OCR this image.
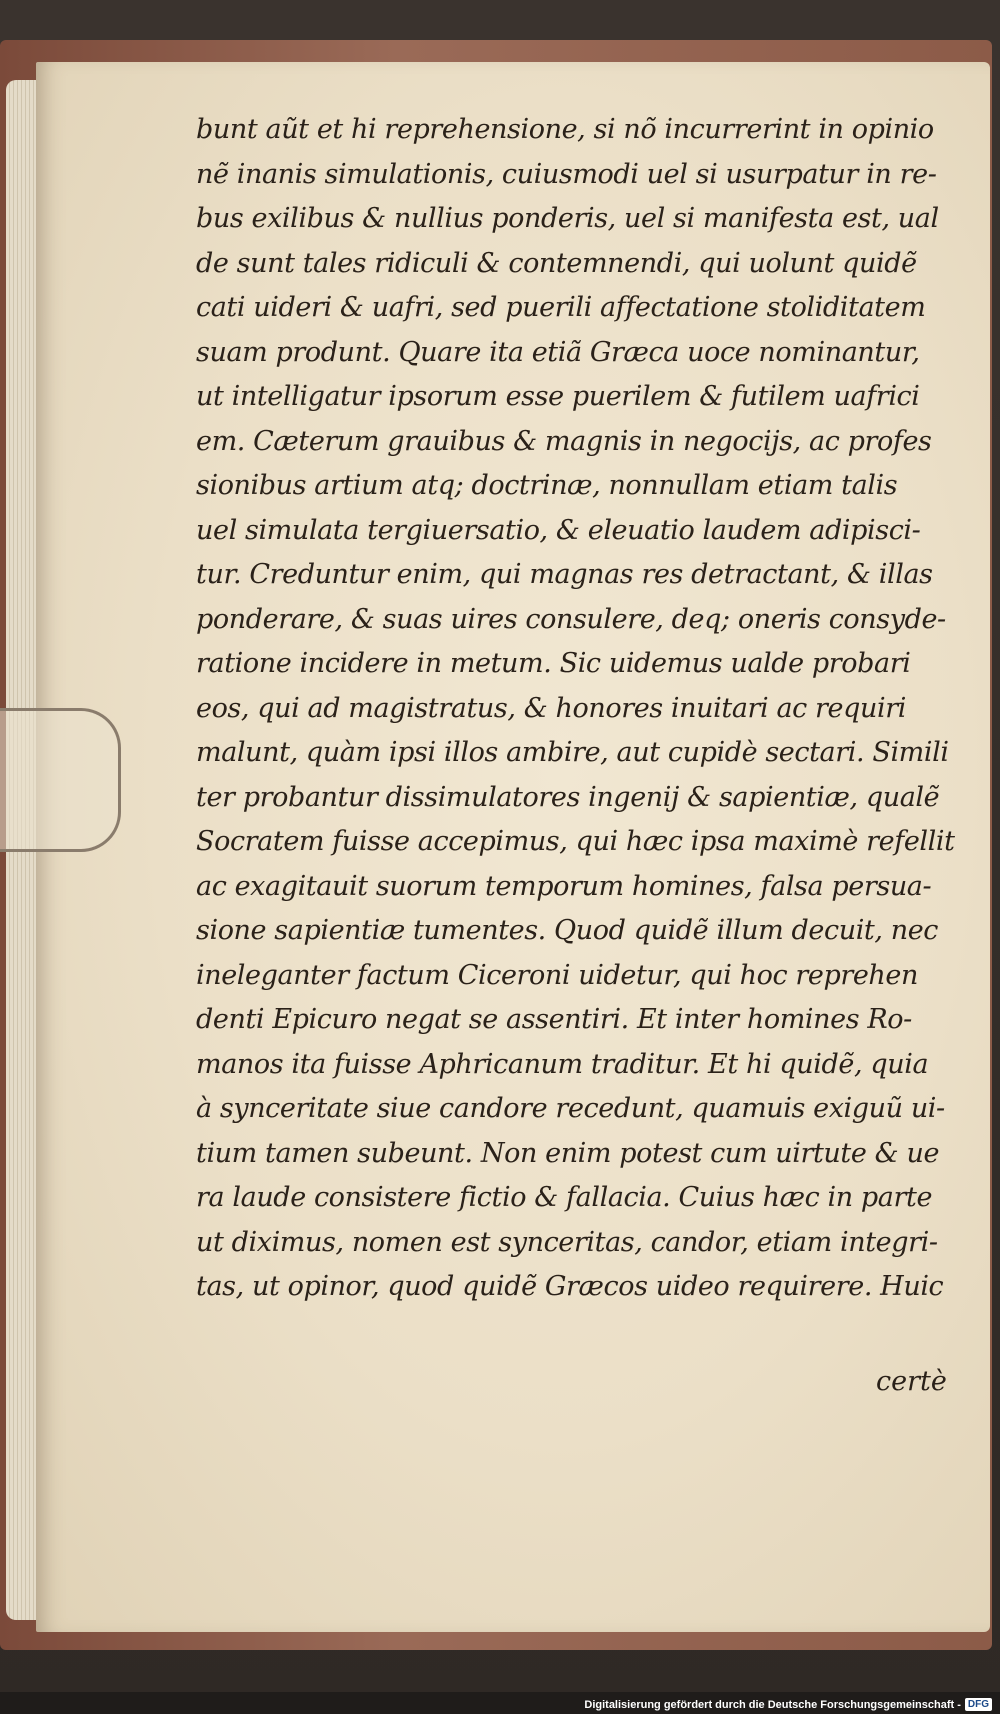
bunt aũt et hi reprehensione, si nõ incurrerint in opinio
nẽ inanis simulationis, cuiusmodi uel si usurpatur in re-
bus exilibus & nullius ponderis, uel si manifesta est, ual
de sunt tales ridiculi & contemnendi, qui uolunt quidẽ
cati uideri & uafri, sed puerili affectatione stoliditatem
suam produnt. Quare ita etiã Græca uoce nominantur,
ut intelligatur ipsorum esse puerilem & futilem uafrici
em. Cæterum grauibus & magnis in negocijs, ac profes
sionibus artium atq; doctrinæ, nonnullam etiam talis
uel simulata tergiuersatio, & eleuatio laudem adipisci-
tur. Creduntur enim, qui magnas res detractant, & illas
ponderare, & suas uires consulere, deq; oneris consyde-
ratione incidere in metum. Sic uidemus ualde probari
eos, qui ad magistratus, & honores inuitari ac requiri
malunt, quàm ipsi illos ambire, aut cupidè sectari. Simili
ter probantur dissimulatores ingenij & sapientiæ, qualẽ
Socratem fuisse accepimus, qui hæc ipsa maximè refellit
ac exagitauit suorum temporum homines, falsa persua-
sione sapientiæ tumentes. Quod quidẽ illum decuit, nec
ineleganter factum Ciceroni uidetur, qui hoc reprehen
denti Epicuro negat se assentiri. Et inter homines Ro-
manos ita fuisse Aphricanum traditur. Et hi quidẽ, quia
à synceritate siue candore recedunt, quamuis exiguũ ui-
tium tamen subeunt. Non enim potest cum uirtute & ue
ra laude consistere fictio & fallacia. Cuius hæc in parte
ut diximus, nomen est synceritas, candor, etiam integri-
tas, ut opinor, quod quidẽ Græcos uideo requirere. Huic
certè
Digitalisierung gefördert durch die Deutsche Forschungsgemeinschaft - DFG
